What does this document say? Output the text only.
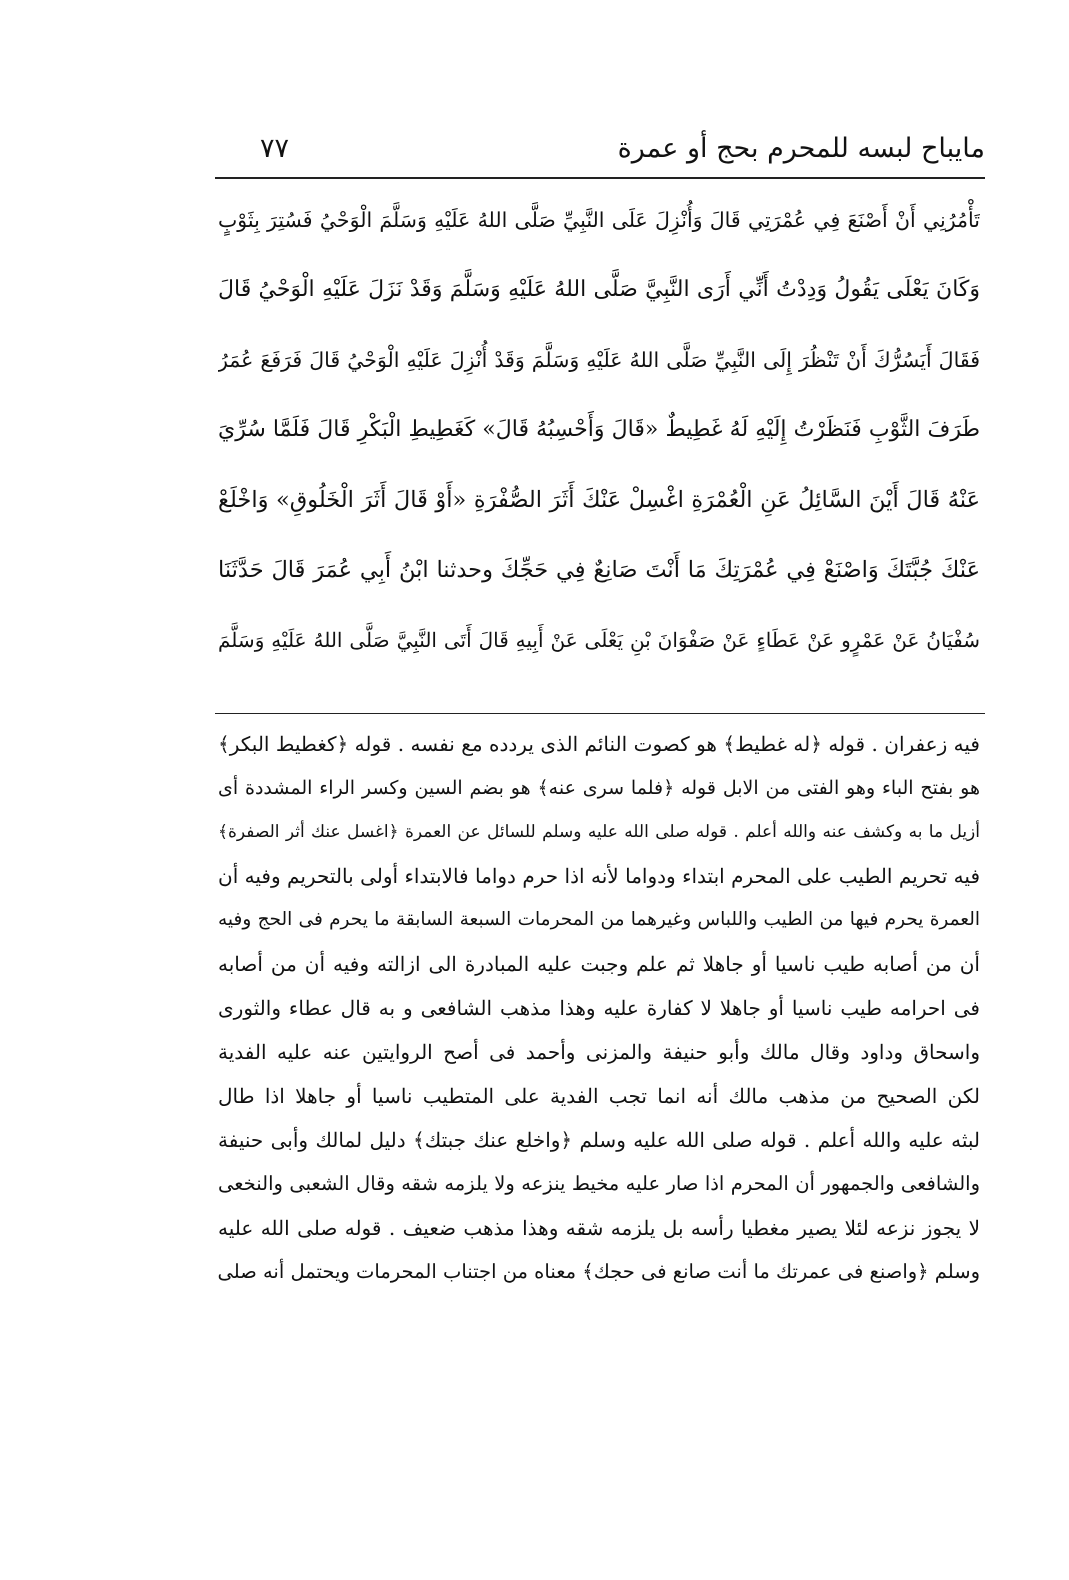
مايباح لبسه للمحرم بحج أو عمرة
٧٧
تَأْمُرُنِي أَنْ أَصْنَعَ فِي عُمْرَتِي قَالَ وَأُنْزِلَ عَلَى النَّبِيِّ صَلَّى اللهُ عَلَيْهِ وَسَلَّمَ الْوَحْيُ فَسُتِرَ بِثَوْبٍ
وَكَانَ يَعْلَى يَقُولُ وَدِدْتُ أَنِّي أَرَى النَّبِيَّ صَلَّى اللهُ عَلَيْهِ وَسَلَّمَ وَقَدْ نَزَلَ عَلَيْهِ الْوَحْيُ قَالَ
فَقَالَ أَيَسُرُّكَ أَنْ تَنْظُرَ إِلَى النَّبِيِّ صَلَّى اللهُ عَلَيْهِ وَسَلَّمَ وَقَدْ أُنْزِلَ عَلَيْهِ الْوَحْيُ قَالَ فَرَفَعَ عُمَرُ
طَرَفَ الثَّوْبِ فَنَظَرْتُ إِلَيْهِ لَهُ غَطِيطٌ «قَالَ وَأَحْسِبُهُ قَالَ» كَغَطِيطِ الْبَكْرِ قَالَ فَلَمَّا سُرِّيَ
عَنْهُ قَالَ أَيْنَ السَّائِلُ عَنِ الْعُمْرَةِ اغْسِلْ عَنْكَ أَثَرَ الصُّفْرَةِ «أَوْ قَالَ أَثَرَ الْخَلُوقِ» وَاخْلَعْ
عَنْكَ جُبَّتَكَ وَاصْنَعْ فِي عُمْرَتِكَ مَا أَنْتَ صَانِعٌ فِي حَجِّكَ وحدثنا ابْنُ أَبِي عُمَرَ قَالَ حَدَّثَنَا
سُفْيَانُ عَنْ عَمْرٍو عَنْ عَطَاءٍ عَنْ صَفْوَانَ بْنِ يَعْلَى عَنْ أَبِيهِ قَالَ أَتَى النَّبِيَّ صَلَّى اللهُ عَلَيْهِ وَسَلَّمَ
فيه زعفران . قوله ﴿له غطيط﴾ هو كصوت النائم الذى يردده مع نفسه . قوله ﴿كغطيط البكر﴾
هو بفتح الباء وهو الفتى من الابل قوله ﴿فلما سرى عنه﴾ هو بضم السين وكسر الراء المشددة أى
أزيل ما به وكشف عنه والله أعلم . قوله صلى الله عليه وسلم للسائل عن العمرة ﴿اغسل عنك أثر الصفرة﴾
فيه تحريم الطيب على المحرم ابتداء ودواما لأنه اذا حرم دواما فالابتداء أولى بالتحريم وفيه أن
العمرة يحرم فيها من الطيب واللباس وغيرهما من المحرمات السبعة السابقة ما يحرم فى الحج وفيه
أن من أصابه طيب ناسيا أو جاهلا ثم علم وجبت عليه المبادرة الى ازالته وفيه أن من أصابه
فى احرامه طيب ناسيا أو جاهلا لا كفارة عليه وهذا مذهب الشافعى و به قال عطاء والثورى
واسحاق وداود وقال مالك وأبو حنيفة والمزنى وأحمد فى أصح الروايتين عنه عليه الفدية
لكن الصحيح من مذهب مالك أنه انما تجب الفدية على المتطيب ناسيا أو جاهلا اذا طال
لبثه عليه والله أعلم . قوله صلى الله عليه وسلم ﴿واخلع عنك جبتك﴾ دليل لمالك وأبى حنيفة
والشافعى والجمهور أن المحرم اذا صار عليه مخيط ينزعه ولا يلزمه شقه وقال الشعبى والنخعى
لا يجوز نزعه لئلا يصير مغطيا رأسه بل يلزمه شقه وهذا مذهب ضعيف . قوله صلى الله عليه
وسلم ﴿واصنع فى عمرتك ما أنت صانع فى حجك﴾ معناه من اجتناب المحرمات ويحتمل أنه صلى
